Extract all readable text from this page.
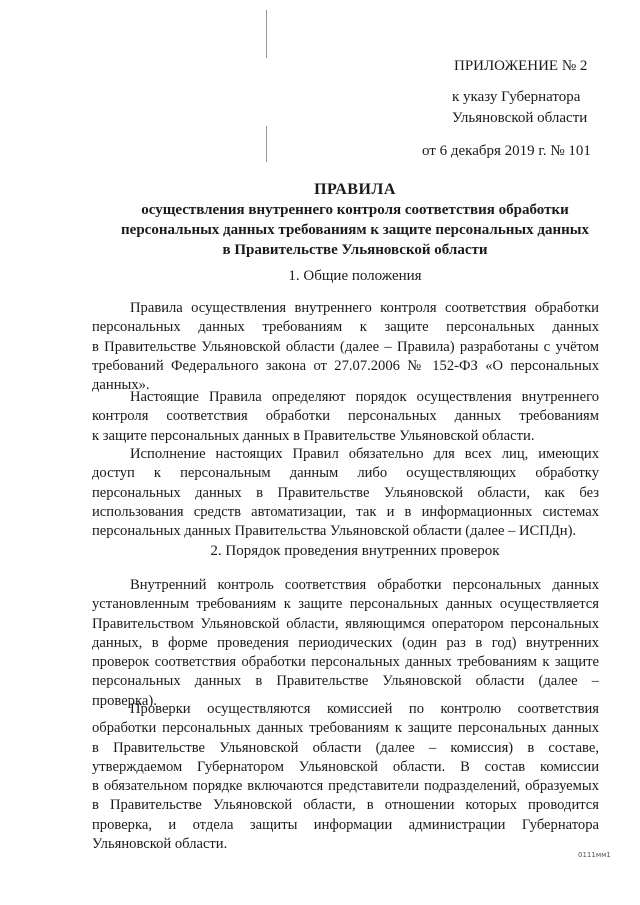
ПРИЛОЖЕНИЕ № 2
к указу Губернатора
Ульяновской области
от 6 декабря 2019 г. № 101
ПРАВИЛА
осуществления внутреннего контроля соответствия обработки
персональных данных требованиям к защите персональных данных
в Правительстве Ульяновской области
1. Общие положения
Правила осуществления внутреннего контроля соответствия обработки
персональных данных требованиям к защите персональных данных
в Правительстве Ульяновской области (далее – Правила) разработаны с учётом
требований Федерального закона от 27.07.2006 № 152-ФЗ «О персональных
данных».
Настоящие Правила определяют порядок осуществления внутреннего
контроля соответствия обработки персональных данных требованиям
к защите персональных данных в Правительстве Ульяновской области.
Исполнение настоящих Правил обязательно для всех лиц, имеющих
доступ к персональным данным либо осуществляющих обработку
персональных данных в Правительстве Ульяновской области, как без
использования средств автоматизации, так и в информационных системах
персональных данных Правительства Ульяновской области (далее – ИСПДн).
2. Порядок проведения внутренних проверок
Внутренний контроль соответствия обработки персональных данных
установленным требованиям к защите персональных данных осуществляется
Правительством Ульяновской области, являющимся оператором персональных
данных, в форме проведения периодических (один раз в год) внутренних
проверок соответствия обработки персональных данных требованиям к защите
персональных данных в Правительстве Ульяновской области (далее –
проверка).
Проверки осуществляются комиссией по контролю соответствия
обработки персональных данных требованиям к защите персональных данных
в Правительстве Ульяновской области (далее – комиссия) в составе,
утверждаемом Губернатором Ульяновской области. В состав комиссии
в обязательном порядке включаются представители подразделений, образуемых
в Правительстве Ульяновской области, в отношении которых проводится
проверка, и отдела защиты информации администрации Губернатора
Ульяновской области.
0111мм1
